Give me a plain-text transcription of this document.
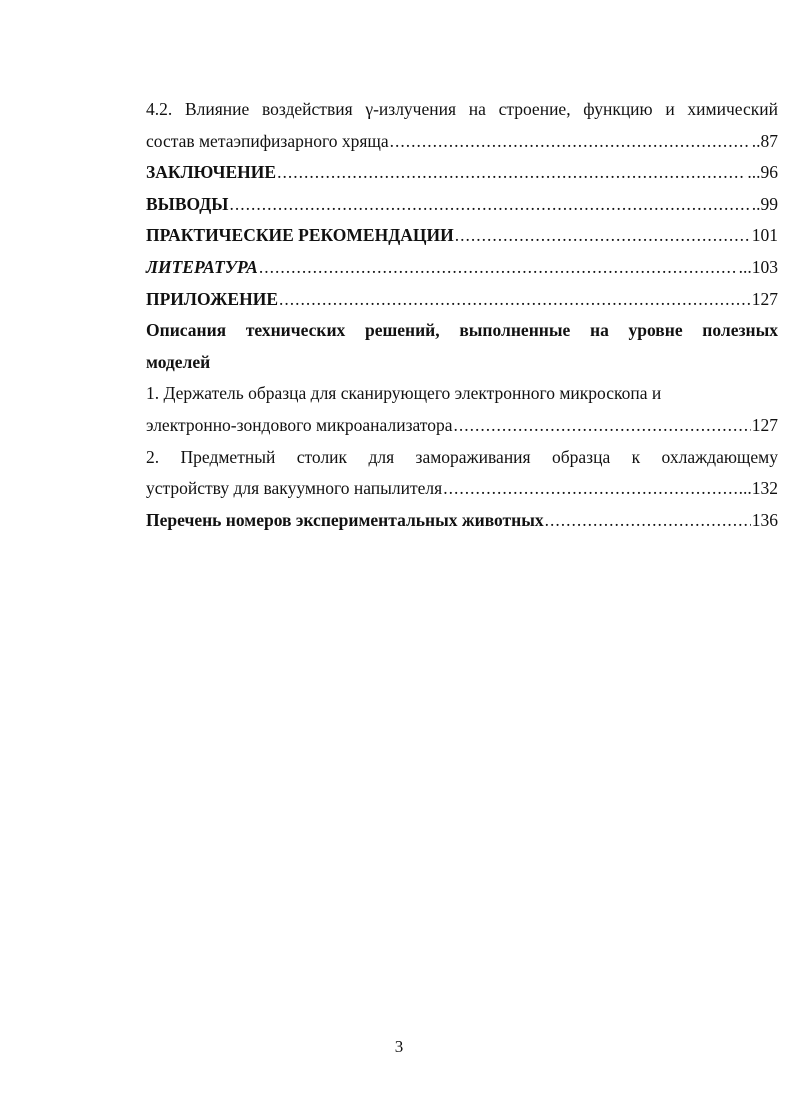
4.2. Влияние воздействия γ-излучения на строение, функцию и химический
состав метаэпифизарного хряща .....	..87
ЗАКЛЮЧЕНИЕ .....	...96
ВЫВОДЫ .....	..99
ПРАКТИЧЕСКИЕ РЕКОМЕНДАЦИИ .....	101
ЛИТЕРАТУРА .....	...103
ПРИЛОЖЕНИЕ .....	127
Описания технических решений, выполненные на уровне полезных
моделей
1. Держатель образца для сканирующего электронного микроскопа и
электронно-зондового микроанализатора .....	127
2. Предметный столик для замораживания образца к охлаждающему
устройству для вакуумного напылителя .....	...132
Перечень номеров экспериментальных животных .....	136
3
